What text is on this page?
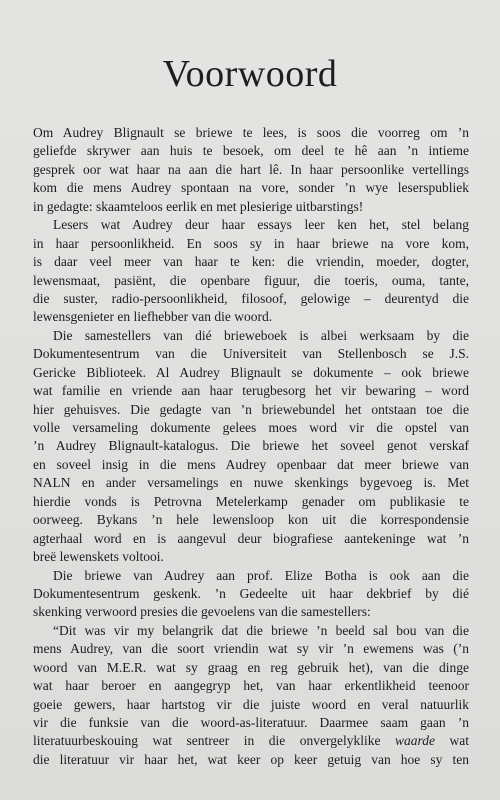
Voorwoord
Om Audrey Blignault se briewe te lees, is soos die voorreg om ’n
geliefde skrywer aan huis te besoek, om deel te hê aan ’n intieme
gesprek oor wat haar na aan die hart lê. In haar persoonlike vertellings
kom die mens Audrey spontaan na vore, sonder ’n wye leserspubliek
in gedagte: skaamteloos eerlik en met plesierige uitbarstings!
Lesers wat Audrey deur haar essays leer ken het, stel belang
in haar persoonlikheid. En soos sy in haar briewe na vore kom,
is daar veel meer van haar te ken: die vriendin, moeder, dogter,
lewensmaat, pasiënt, die openbare figuur, die toeris, ouma, tante,
die suster, radio-persoonlikheid, filosoof, gelowige – deurentyd die
lewensgenieter en liefhebber van die woord.
Die samestellers van dié brieweboek is albei werksaam by die
Dokumentesentrum van die Universiteit van Stellenbosch se J.S.
Gericke Biblioteek. Al Audrey Blignault se dokumente – ook briewe
wat familie en vriende aan haar terugbesorg het vir bewaring – word
hier gehuisves. Die gedagte van ’n briewebundel het ontstaan toe die
volle versameling dokumente gelees moes word vir die opstel van
’n Audrey Blignault-katalogus. Die briewe het soveel genot verskaf
en soveel insig in die mens Audrey openbaar dat meer briewe van
NALN en ander versamelings en nuwe skenkings bygevoeg is. Met
hierdie vonds is Petrovna Metelerkamp genader om publikasie te
oorweeg. Bykans ’n hele lewensloop kon uit die korrespondensie
agterhaal word en is aangevul deur biografiese aantekeninge wat ’n
breë lewenskets voltooi.
Die briewe van Audrey aan prof. Elize Botha is ook aan die
Dokumentesentrum geskenk. ’n Gedeelte uit haar dekbrief by dié
skenking verwoord presies die gevoelens van die samestellers:
“Dit was vir my belangrik dat die briewe ’n beeld sal bou van die
mens Audrey, van die soort vriendin wat sy vir ’n ewemens was (’n
woord van M.E.R. wat sy graag en reg gebruik het), van die dinge
wat haar beroer en aangegryp het, van haar erkentlikheid teenoor
goeie gewers, haar hartstog vir die juiste woord en veral natuurlik
vir die funksie van die woord-as-literatuur. Daarmee saam gaan ’n
literatuurbeskouing wat sentreer in die onvergelyklike waarde wat
die literatuur vir haar het, wat keer op keer getuig van hoe sy ten
